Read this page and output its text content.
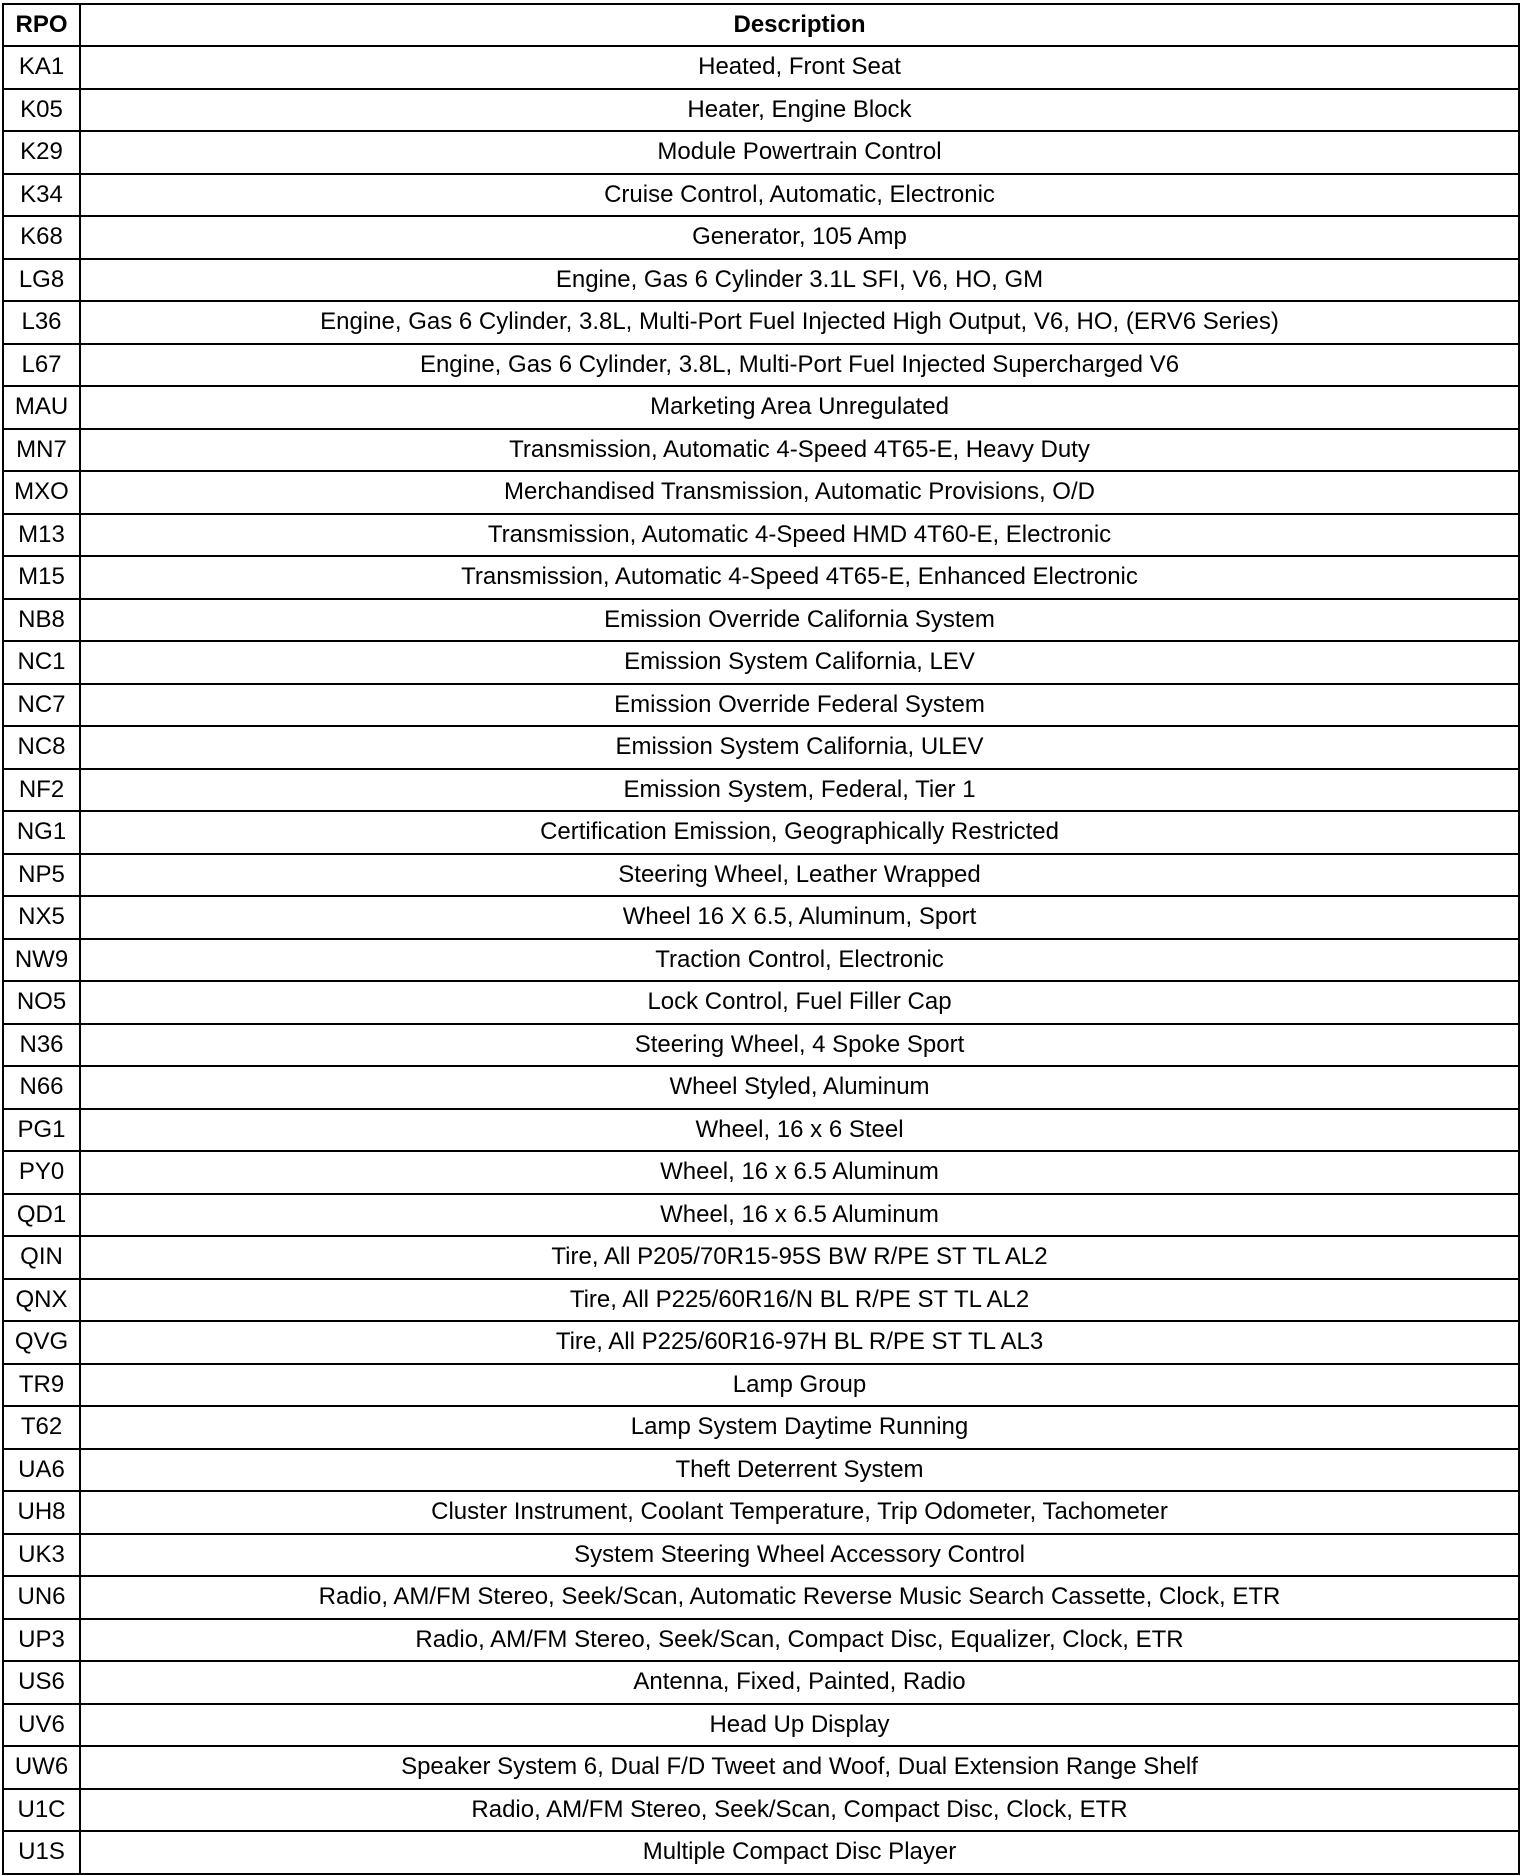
RPO	Description
KA1	Heated, Front Seat
K05	Heater, Engine Block
K29	Module Powertrain Control
K34	Cruise Control, Automatic, Electronic
K68	Generator, 105 Amp
LG8	Engine, Gas 6 Cylinder 3.1L SFI, V6, HO, GM
L36	Engine, Gas 6 Cylinder, 3.8L, Multi-Port Fuel Injected High Output, V6, HO, (ERV6 Series)
L67	Engine, Gas 6 Cylinder, 3.8L, Multi-Port Fuel Injected Supercharged V6
MAU	Marketing Area Unregulated
MN7	Transmission, Automatic 4-Speed 4T65-E, Heavy Duty
MXO	Merchandised Transmission, Automatic Provisions, O/D
M13	Transmission, Automatic 4-Speed HMD 4T60-E, Electronic
M15	Transmission, Automatic 4-Speed 4T65-E, Enhanced Electronic
NB8	Emission Override California System
NC1	Emission System California, LEV
NC7	Emission Override Federal System
NC8	Emission System California, ULEV
NF2	Emission System, Federal, Tier 1
NG1	Certification Emission, Geographically Restricted
NP5	Steering Wheel, Leather Wrapped
NX5	Wheel 16 X 6.5, Aluminum, Sport
NW9	Traction Control, Electronic
NO5	Lock Control, Fuel Filler Cap
N36	Steering Wheel, 4 Spoke Sport
N66	Wheel Styled, Aluminum
PG1	Wheel, 16 x 6 Steel
PY0	Wheel, 16 x 6.5 Aluminum
QD1	Wheel, 16 x 6.5 Aluminum
QIN	Tire, All P205/70R15-95S BW R/PE ST TL AL2
QNX	Tire, All P225/60R16/N BL R/PE ST TL AL2
QVG	Tire, All P225/60R16-97H BL R/PE ST TL AL3
TR9	Lamp Group
T62	Lamp System Daytime Running
UA6	Theft Deterrent System
UH8	Cluster Instrument, Coolant Temperature, Trip Odometer, Tachometer
UK3	System Steering Wheel Accessory Control
UN6	Radio, AM/FM Stereo, Seek/Scan, Automatic Reverse Music Search Cassette, Clock, ETR
UP3	Radio, AM/FM Stereo, Seek/Scan, Compact Disc, Equalizer, Clock, ETR
US6	Antenna, Fixed, Painted, Radio
UV6	Head Up Display
UW6	Speaker System 6, Dual F/D Tweet and Woof, Dual Extension Range Shelf
U1C	Radio, AM/FM Stereo, Seek/Scan, Compact Disc, Clock, ETR
U1S	Multiple Compact Disc Player
